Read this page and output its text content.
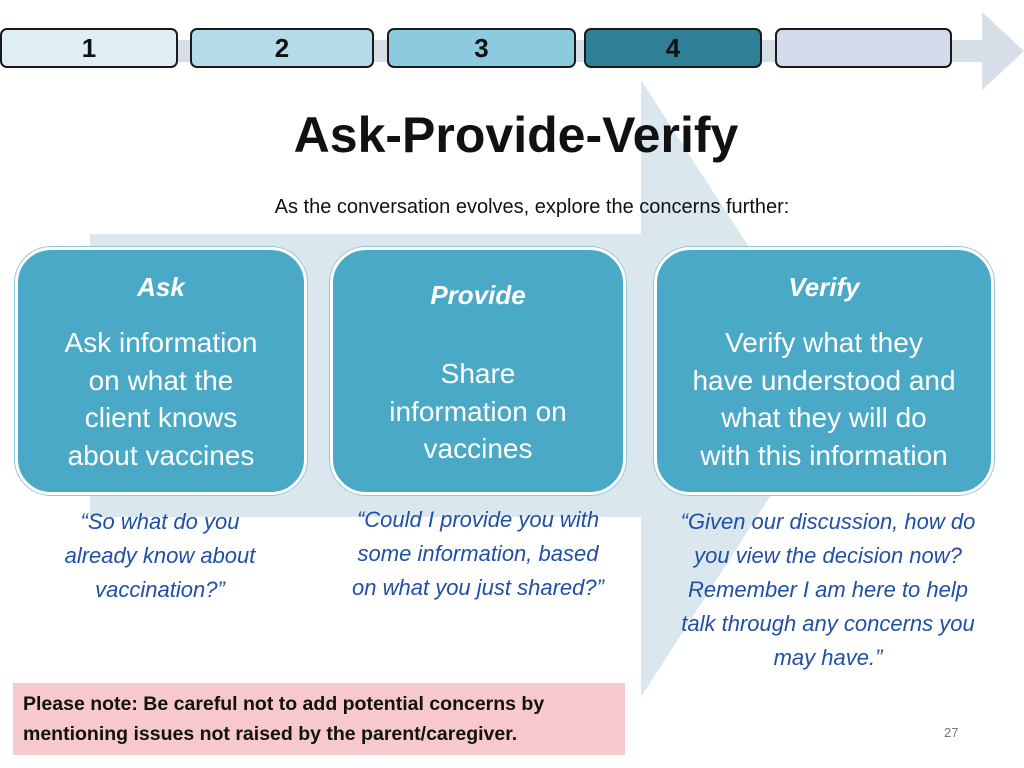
1	2	3	4
Ask-Provide-Verify
As the conversation evolves, explore the concerns further:
Ask
Ask information
on what the
client knows
about vaccines
Provide
Share
information on
vaccines
Verify
Verify what they
have understood and
what they will do
with this information
“So what do you
already know about
vaccination?”
“Could I provide you with
some information, based
on what you just shared?”
“Given our discussion, how do
you view the decision now?
Remember I am here to help
talk through any concerns you
may have.”
Please note: Be careful not to add potential concerns by
mentioning issues not raised by the parent/caregiver.	27
